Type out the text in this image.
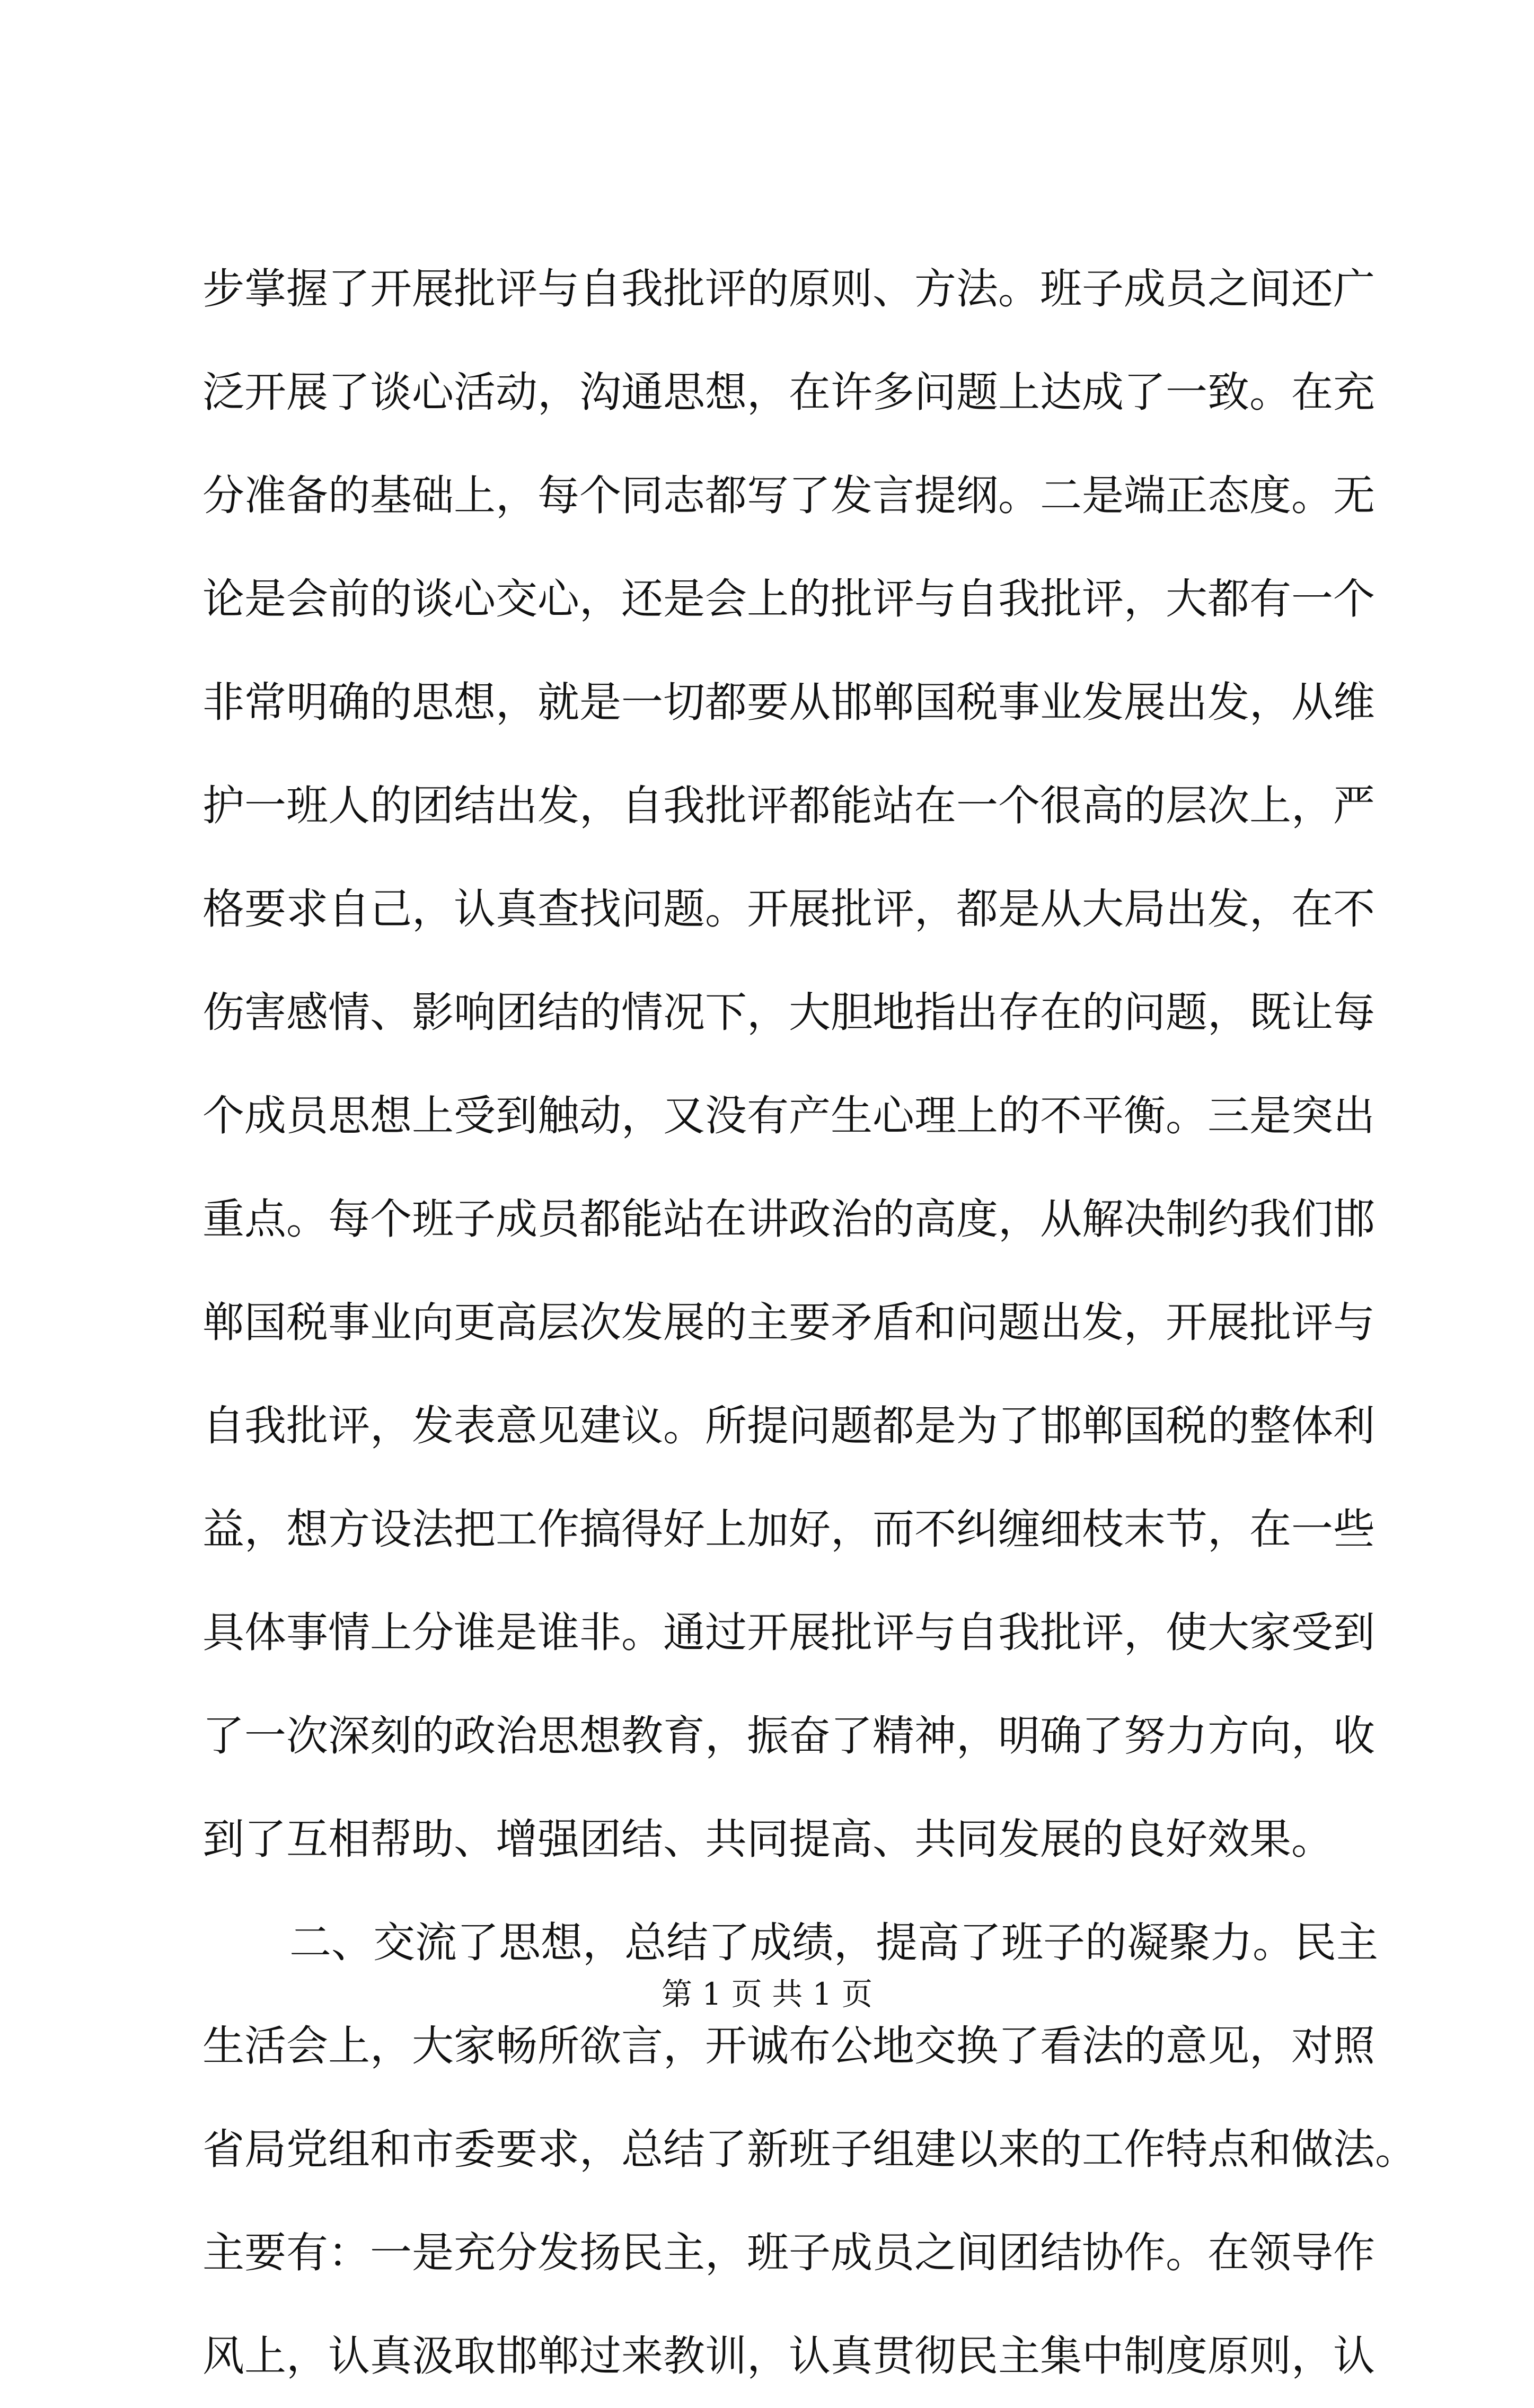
步掌握了开展批评与自我批评的原则、方法。班子成员之间还广
泛开展了谈心活动，沟通思想，在许多问题上达成了一致。在充
分准备的基础上，每个同志都写了发言提纲。二是端正态度。无
论是会前的谈心交心，还是会上的批评与自我批评，大都有一个
非常明确的思想，就是一切都要从邯郸国税事业发展出发，从维
护一班人的团结出发，自我批评都能站在一个很高的层次上，严
格要求自己，认真查找问题。开展批评，都是从大局出发，在不
伤害感情、影响团结的情况下，大胆地指出存在的问题，既让每
个成员思想上受到触动，又没有产生心理上的不平衡。三是突出
重点。每个班子成员都能站在讲政治的高度，从解决制约我们邯
郸国税事业向更高层次发展的主要矛盾和问题出发，开展批评与
自我批评，发表意见建议。所提问题都是为了邯郸国税的整体利
益，想方设法把工作搞得好上加好，而不纠缠细枝末节，在一些
具体事情上分谁是谁非。通过开展批评与自我批评，使大家受到
了一次深刻的政治思想教育，振奋了精神，明确了努力方向，收
到了互相帮助、增强团结、共同提高、共同发展的良好效果。
二、交流了思想，总结了成绩，提高了班子的凝聚力。民主
生活会上，大家畅所欲言，开诚布公地交换了看法的意见，对照
省局党组和市委要求，总结了新班子组建以来的工作特点和做法。
主要有：一是充分发扬民主，班子成员之间团结协作。在领导作
风上，认真汲取邯郸过来教训，认真贯彻民主集中制度原则，认
第 1 页 共 1 页
